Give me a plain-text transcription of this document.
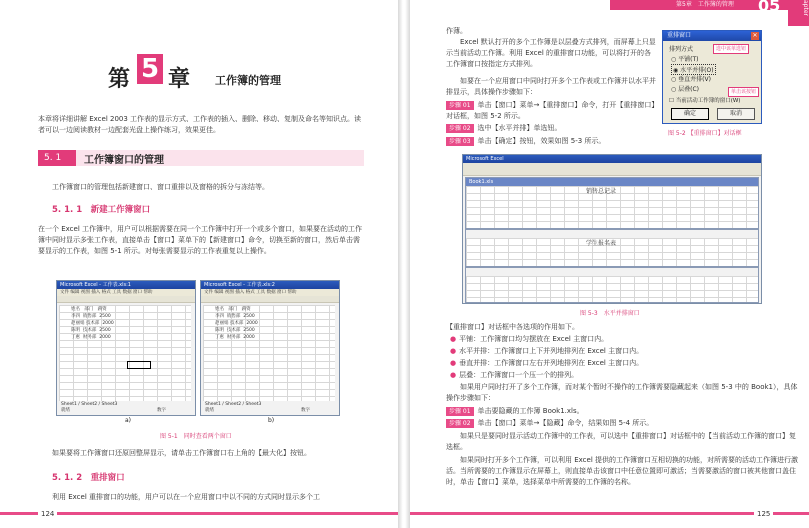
第 5 章 工作簿的管理
本章将详细讲解 Excel 2003 工作表的显示方式、工作表的插入、删除、移动、复制及命名等知识点。读者可以一边阅读教材一边配套光盘上操作练习，效果更佳。
5. 1	工作簿窗口的管理
工作簿窗口的管理包括新建窗口、窗口重排以及窗格的拆分与冻结等。
5. 1. 1　新建工作簿窗口
在一个 Excel 工作簿中，用户可以根据需要在同一个工作簿中打开一个或多个窗口，如果要在活动的工作簿中同时显示多张工作表，直接单击【窗口】菜单下的【新建窗口】命令，切换至新的窗口，然后单击需要显示的工作表，如图 5-1 所示。对每张需要显示的工作表重复以上操作。
Microsoft Excel - 工作表.xls:1
文件 编辑 视图 插入 格式 工具 数据 窗口 帮助
姓名 部门 薪资
李四 销售部 2500
赵丽娟 技术部 2000
陈明 技术部 2500
丁惠 财务部 2000
Sheet1 / Sheet2 / Sheet3
就绪	数字
Microsoft Excel - 工作表.xls:2
文件 编辑 视图 插入 格式 工具 数据 窗口 帮助
姓名 部门 薪资
李四 销售部 2500
赵丽娟 技术部 2000
陈明 技术部 2500
丁惠 财务部 2000
Sheet1 / Sheet2 / Sheet3
就绪	数字
a)	b)
图 5-1　同时查看两个窗口
如果要将工作簿窗口还原回整屏显示，请单击工作簿窗口右上角的【最大化】按钮。
5. 1. 2　重排窗口
利用 Excel 重排窗口的功能，用户可以在一个应用窗口中以不同的方式同时显示多个工
124
第5章　工作簿的管理 05	apter
作薄。
Excel 默认打开的多个工作簿是以层叠方式排列，而屏幕上只显示当前活动工作簿。利用 Excel 的重排窗口功能，可以将打开的各工作簿窗口按指定方式排列。
如要在一个应用窗口中同时打开多个工作表或工作簿并以水平并排显示，具体操作步骤如下：
步骤 01 单击【窗口】菜单→【重排窗口】命令，打开【重排窗口】对话框，如图 5-2 所示。
步骤 02 选中【水平并排】单选钮。
步骤 03 单击【确定】按钮，效果如图 5-3 所示。
重排窗口	✕
排列方式
○ 平铺(T)
◉ 水平并排(O)
○ 垂直并排(V)
○ 层叠(C)
☐ 当前活动工作簿的窗口(W)
确定	取消
选中该单选钮
单击该按钮
图 5-2 【重排窗口】对话框
Microsoft Excel
Book1.xls
销售总记录
学生报名表
图 5-3　水平并排窗口
【重排窗口】对话框中各选项的作用如下。
● 平铺：工作簿窗口均匀摆放在 Excel 主窗口内。
● 水平并排：工作簿窗口上下并列地排列在 Excel 主窗口内。
● 垂直并排：工作簿窗口左右并列地排列在 Excel 主窗口内。
● 层叠：工作簿窗口一个压一个的排列。
如果用户同时打开了多个工作簿，而对某个暂时不操作的工作簿需要隐藏起来（如图 5-3 中的 Book1），具体操作步骤如下：
步骤 01 单击要隐藏的工作簿 Book1.xls。
步骤 02 单击【窗口】菜单→【隐藏】命令，结果如图 5-4 所示。
如果只是要同时显示活动工作簿中的工作表，可以选中【重排窗口】对话框中的【当前活动工作簿的窗口】复选框。
如果同时打开多个工作簿，可以利用 Excel 提供的工作簿窗口互相切换的功能，对所需要的活动工作簿进行激活。当所需要的工作簿显示在屏幕上，则直接单击该窗口中任意位置即可激活；当需要激活的窗口被其他窗口盖住时，单击【窗口】菜单，选择菜单中所需要的工作簿的名称。
125
